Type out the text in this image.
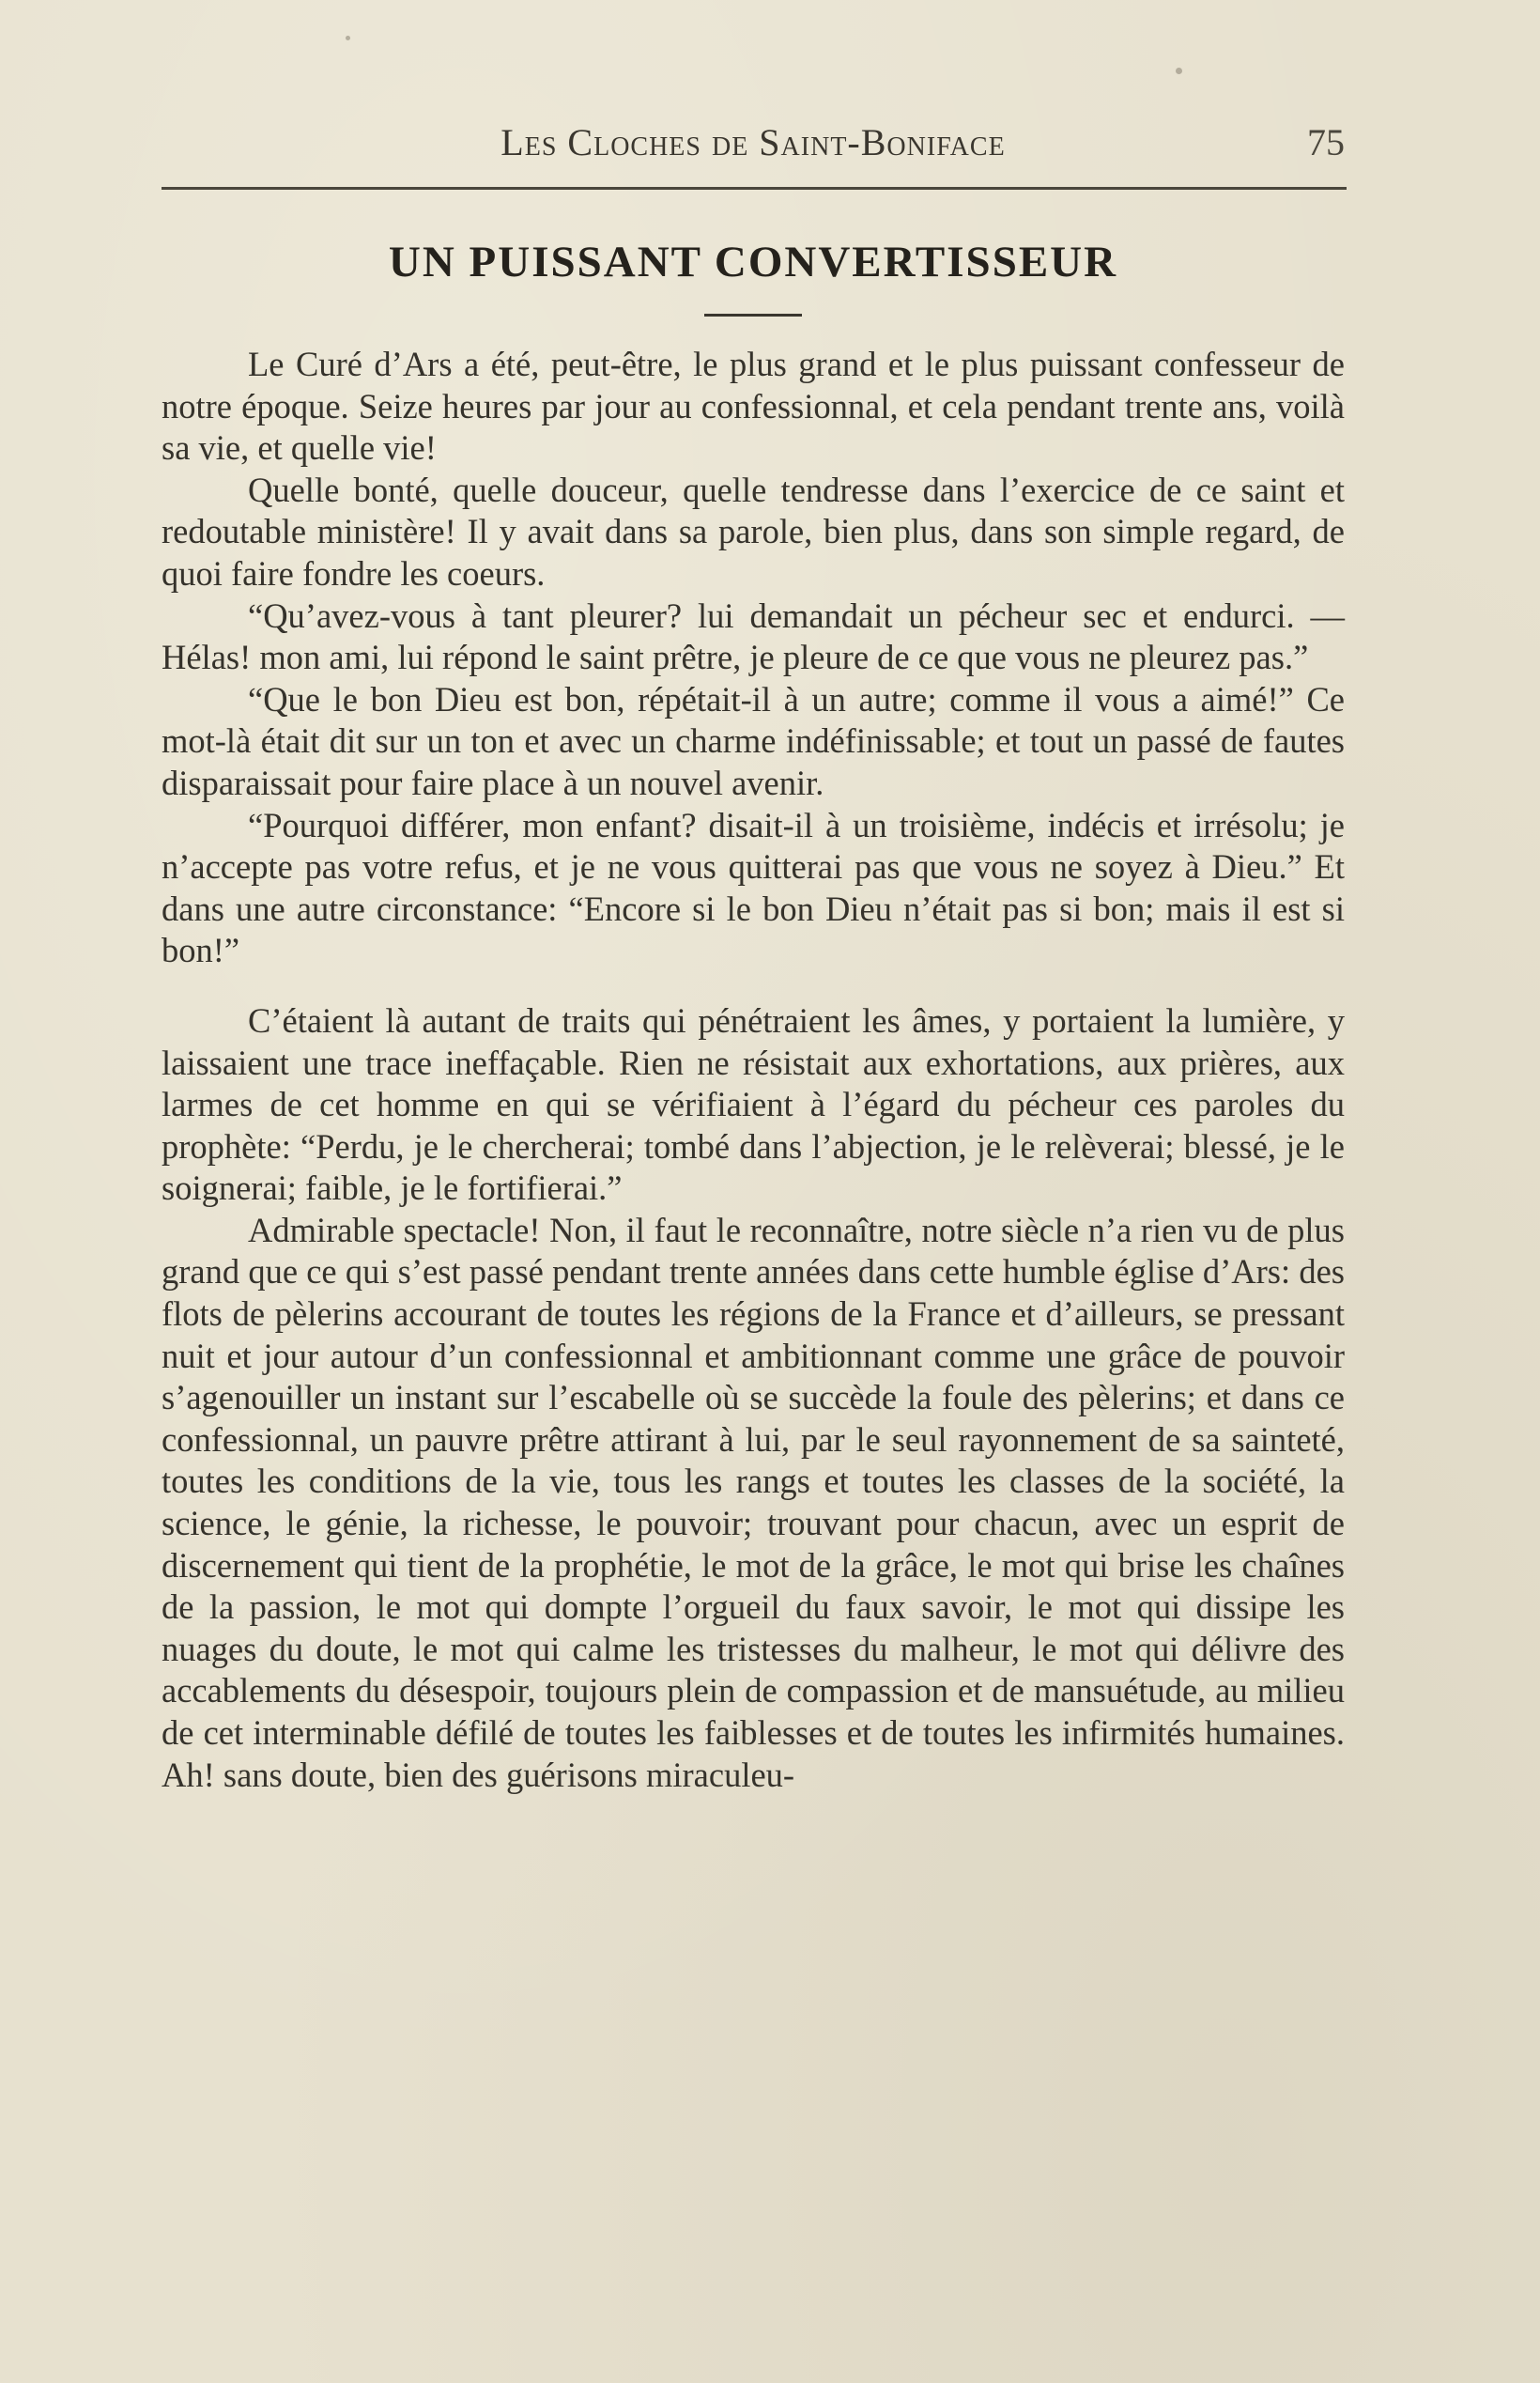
Les Cloches de Saint-Boniface	75
UN PUISSANT CONVERTISSEUR

Le Curé d’Ars a été, peut-être, le plus grand et le plus puissant confesseur de notre époque. Seize heures par jour au confessionnal, et cela pendant trente ans, voilà sa vie, et quelle vie!

Quelle bonté, quelle douceur, quelle tendresse dans l’exercice de ce saint et redoutable ministère! Il y avait dans sa parole, bien plus, dans son simple regard, de quoi faire fondre les coeurs.

“Qu’avez-vous à tant pleurer? lui demandait un pécheur sec et endurci. — Hélas! mon ami, lui répond le saint prêtre, je pleure de ce que vous ne pleurez pas.”

“Que le bon Dieu est bon, répétait-il à un autre; comme il vous a aimé!” Ce mot-là était dit sur un ton et avec un charme indéfinissable; et tout un passé de fautes disparaissait pour faire place à un nouvel avenir.

“Pourquoi différer, mon enfant? disait-il à un troisième, indécis et irrésolu; je n’accepte pas votre refus, et je ne vous quitterai pas que vous ne soyez à Dieu.” Et dans une autre circonstance: “Encore si le bon Dieu n’était pas si bon; mais il est si bon!”

C’étaient là autant de traits qui pénétraient les âmes, y portaient la lumière, y laissaient une trace ineffaçable. Rien ne résistait aux exhortations, aux prières, aux larmes de cet homme en qui se vérifiaient à l’égard du pécheur ces paroles du prophète: “Perdu, je le chercherai; tombé dans l’abjection, je le relèverai; blessé, je le soignerai; faible, je le fortifierai.”

Admirable spectacle! Non, il faut le reconnaître, notre siècle n’a rien vu de plus grand que ce qui s’est passé pendant trente années dans cette humble église d’Ars: des flots de pèlerins accourant de toutes les régions de la France et d’ailleurs, se pressant nuit et jour autour d’un confessionnal et ambitionnant comme une grâce de pouvoir s’agenouiller un instant sur l’escabelle où se succède la foule des pèlerins; et dans ce confessionnal, un pauvre prêtre attirant à lui, par le seul rayonnement de sa sainteté, toutes les conditions de la vie, tous les rangs et toutes les classes de la société, la science, le génie, la richesse, le pouvoir; trouvant pour chacun, avec un esprit de discernement qui tient de la prophétie, le mot de la grâce, le mot qui brise les chaînes de la passion, le mot qui dompte l’orgueil du faux savoir, le mot qui dissipe les nuages du doute, le mot qui calme les tristesses du malheur, le mot qui délivre des accablements du désespoir, toujours plein de compassion et de mansuétude, au milieu de cet interminable défilé de toutes les faiblesses et de toutes les infirmités humaines. Ah! sans doute, bien des guérisons miraculeu-
